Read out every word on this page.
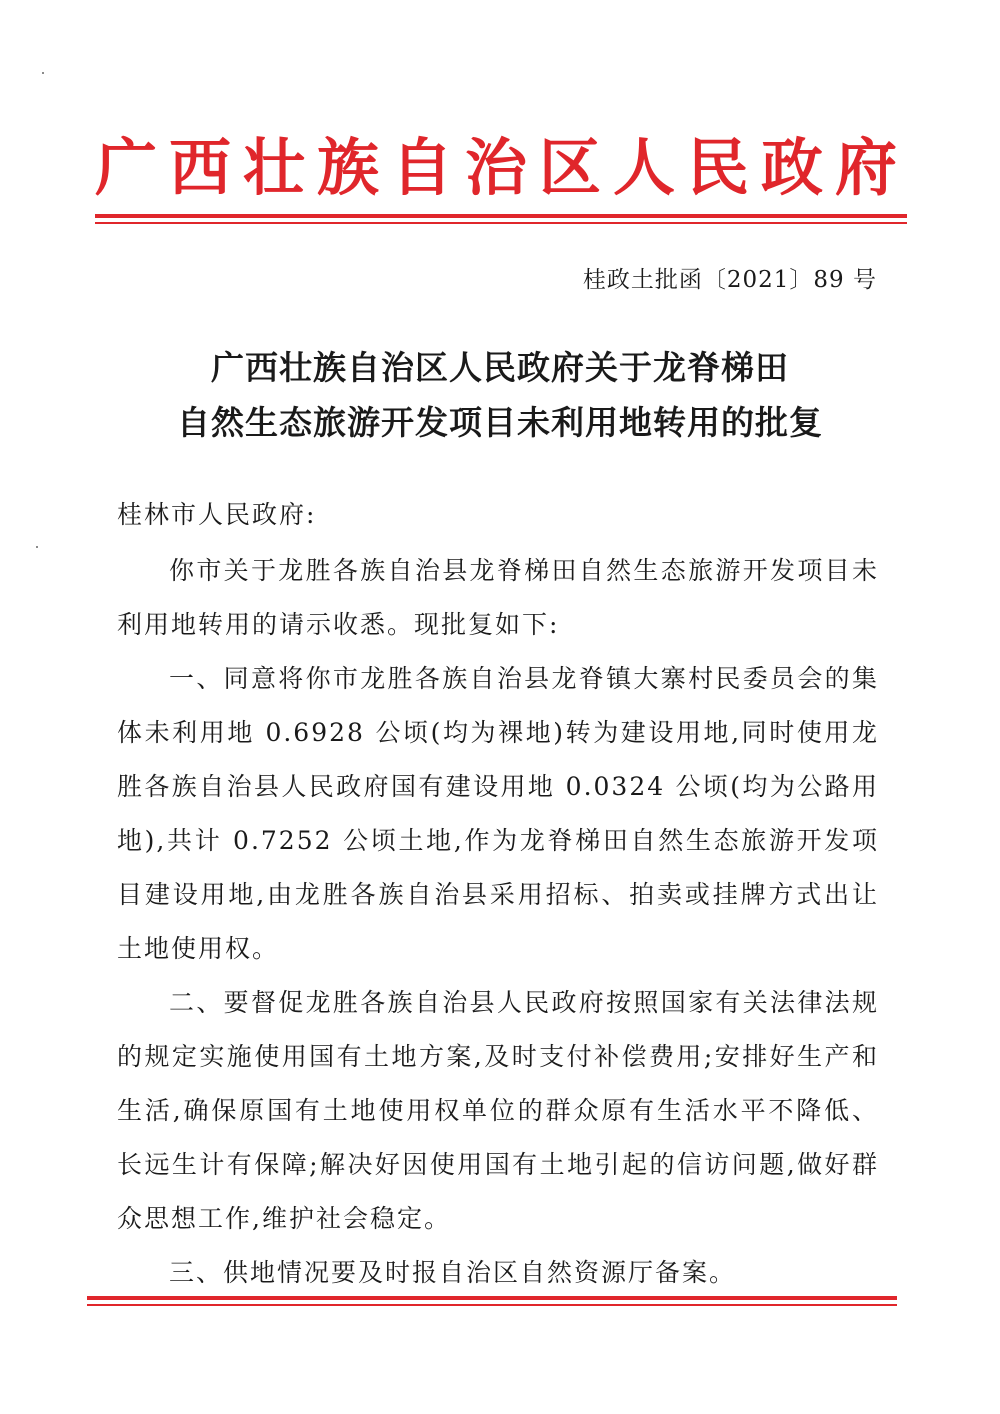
广西壮族自治区人民政府

桂政土批函〔2021〕89 号

广西壮族自治区人民政府关于龙脊梯田
自然生态旅游开发项目未利用地转用的批复

桂林市人民政府:

你市关于龙胜各族自治县龙脊梯田自然生态旅游开发项目未利用地转用的请示收悉。现批复如下:

一、同意将你市龙胜各族自治县龙脊镇大寨村民委员会的集体未利用地 0.6928 公顷(均为裸地)转为建设用地,同时使用龙胜各族自治县人民政府国有建设用地 0.0324 公顷(均为公路用地),共计 0.7252 公顷土地,作为龙脊梯田自然生态旅游开发项目建设用地,由龙胜各族自治县采用招标、拍卖或挂牌方式出让土地使用权。

二、要督促龙胜各族自治县人民政府按照国家有关法律法规的规定实施使用国有土地方案,及时支付补偿费用;安排好生产和生活,确保原国有土地使用权单位的群众原有生活水平不降低、长远生计有保障;解决好因使用国有土地引起的信访问题,做好群众思想工作,维护社会稳定。

三、供地情况要及时报自治区自然资源厅备案。
